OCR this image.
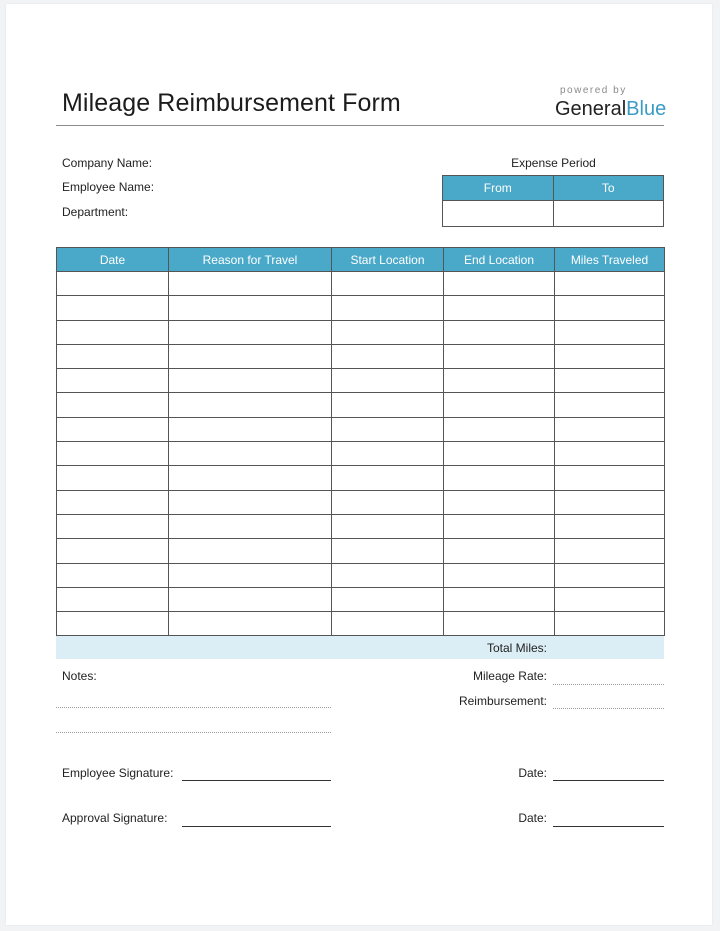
Mileage Reimbursement Form	powered by
GeneralBlue
Company Name:
Employee Name:
Department:
Expense Period
From	To

Date	Reason for Travel	Start Location	End Location	Miles Traveled

Total Miles:
Notes:	Mileage Rate:
Reimbursement:
Employee Signature:	Date:
Approval Signature:	Date:
